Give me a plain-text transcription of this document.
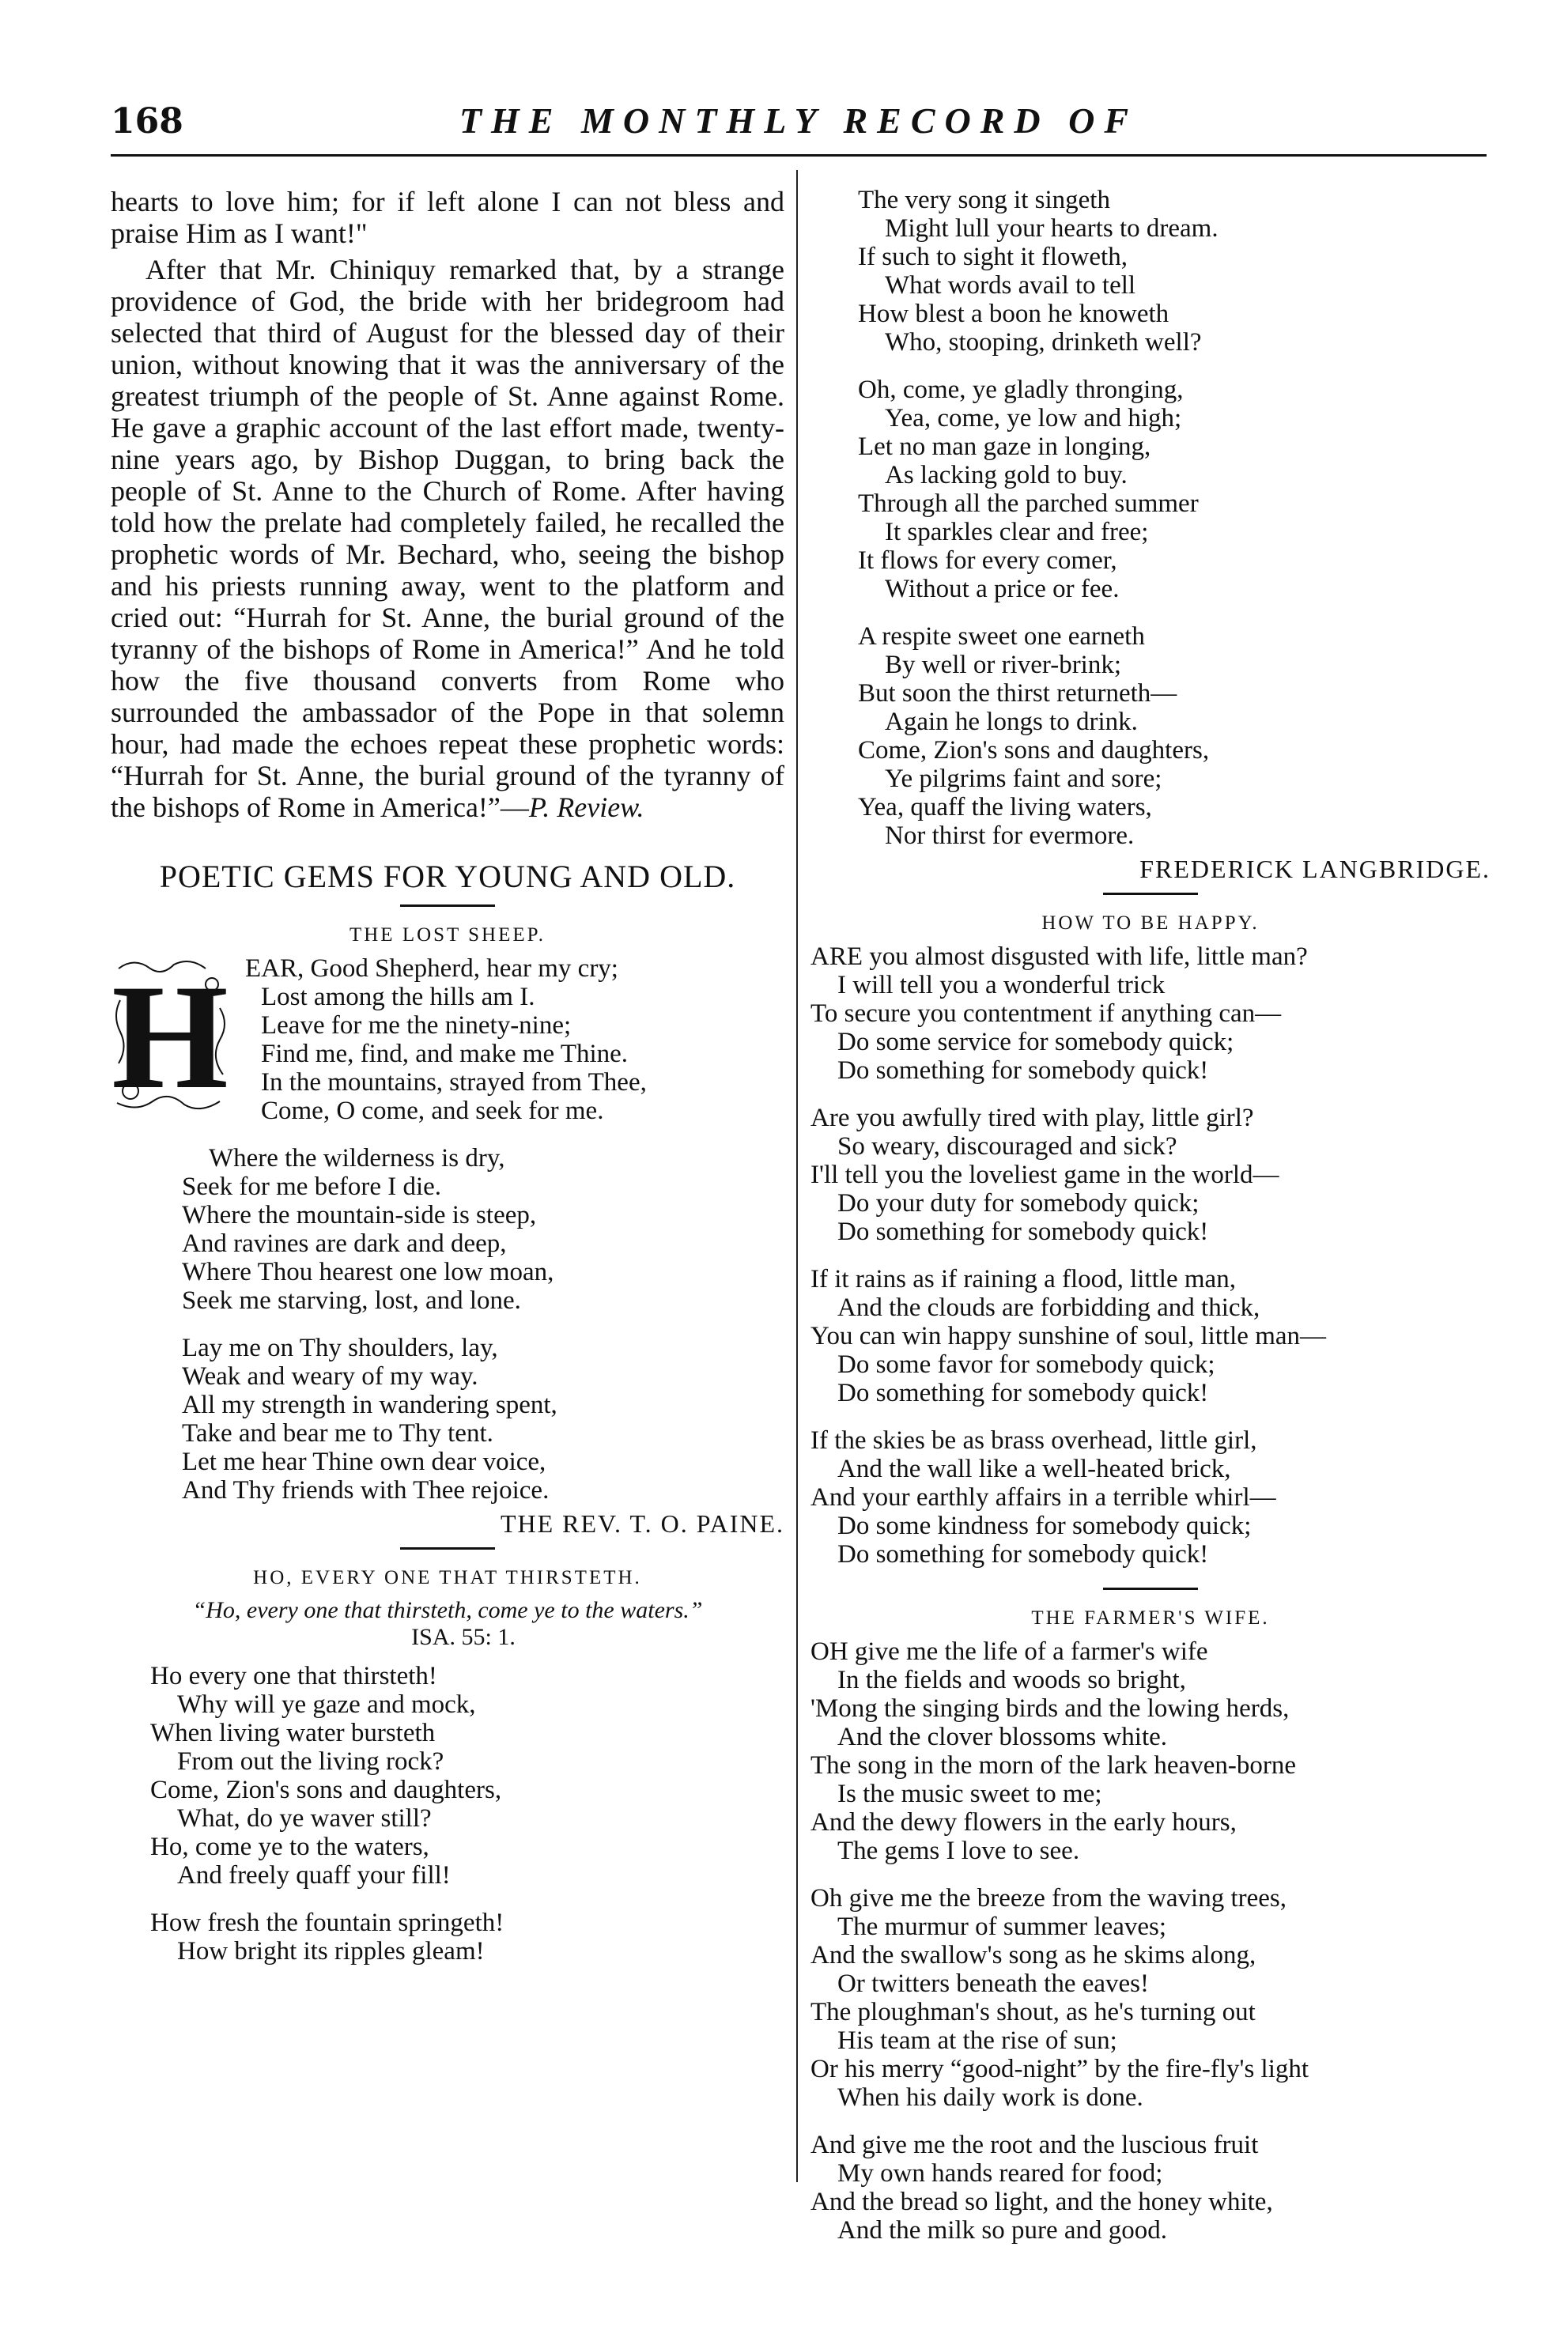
168	THE MONTHLY RECORD OF

hearts to love him; for if left alone I can not bless and praise Him as I want!"

After that Mr. Chiniquy remarked that, by a strange providence of God, the bride with her bridegroom had selected that third of August for the blessed day of their union, without knowing that it was the anniversary of the greatest triumph of the people of St. Anne against Rome. He gave a graphic account of the last effort made, twenty-nine years ago, by Bishop Duggan, to bring back the people of St. Anne to the Church of Rome. After having told how the prelate had completely failed, he recalled the prophetic words of Mr. Bechard, who, seeing the bishop and his priests running away, went to the platform and cried out: “Hurrah for St. Anne, the burial ground of the tyranny of the bishops of Rome in America!” And he told how the five thousand converts from Rome who surrounded the ambassador of the Pope in that solemn hour, had made the echoes repeat these prophetic words: “Hurrah for St. Anne, the burial ground of the tyranny of the bishops of Rome in America!”—P. Review.

POETIC GEMS FOR YOUNG AND OLD.
THE LOST SHEEP.
H EAR, Good Shepherd, hear my cry;
Lost among the hills am I.
Leave for me the ninety-nine;
Find me, find, and make me Thine.
In the mountains, strayed from Thee,
Come, O come, and seek for me.
Where the wilderness is dry,
Seek for me before I die.
Where the mountain-side is steep,
And ravines are dark and deep,
Where Thou hearest one low moan,
Seek me starving, lost, and lone.
Lay me on Thy shoulders, lay,
Weak and weary of my way.
All my strength in wandering spent,
Take and bear me to Thy tent.
Let me hear Thine own dear voice,
And Thy friends with Thee rejoice.
THE REV. T. O. PAINE.
HO, EVERY ONE THAT THIRSTETH.
“Ho, every one that thirsteth, come ye to the waters.”
ISA. 55: 1.
Ho every one that thirsteth!
Why will ye gaze and mock,
When living water bursteth
From out the living rock?
Come, Zion's sons and daughters,
What, do ye waver still?
Ho, come ye to the waters,
And freely quaff your fill!
How fresh the fountain springeth!
How bright its ripples gleam!
The very song it singeth
Might lull your hearts to dream.
If such to sight it floweth,
What words avail to tell
How blest a boon he knoweth
Who, stooping, drinketh well?
Oh, come, ye gladly thronging,
Yea, come, ye low and high;
Let no man gaze in longing,
As lacking gold to buy.
Through all the parched summer
It sparkles clear and free;
It flows for every comer,
Without a price or fee.
A respite sweet one earneth
By well or river-brink;
But soon the thirst returneth—
Again he longs to drink.
Come, Zion's sons and daughters,
Ye pilgrims faint and sore;
Yea, quaff the living waters,
Nor thirst for evermore.
FREDERICK LANGBRIDGE.
HOW TO BE HAPPY.
ARE you almost disgusted with life, little man?
I will tell you a wonderful trick
To secure you contentment if anything can—
Do some service for somebody quick;
Do something for somebody quick!
Are you awfully tired with play, little girl?
So weary, discouraged and sick?
I'll tell you the loveliest game in the world—
Do your duty for somebody quick;
Do something for somebody quick!
If it rains as if raining a flood, little man,
And the clouds are forbidding and thick,
You can win happy sunshine of soul, little man—
Do some favor for somebody quick;
Do something for somebody quick!
If the skies be as brass overhead, little girl,
And the wall like a well-heated brick,
And your earthly affairs in a terrible whirl—
Do some kindness for somebody quick;
Do something for somebody quick!
THE FARMER'S WIFE.
OH give me the life of a farmer's wife
In the fields and woods so bright,
'Mong the singing birds and the lowing herds,
And the clover blossoms white.
The song in the morn of the lark heaven-borne
Is the music sweet to me;
And the dewy flowers in the early hours,
The gems I love to see.
Oh give me the breeze from the waving trees,
The murmur of summer leaves;
And the swallow's song as he skims along,
Or twitters beneath the eaves!
The ploughman's shout, as he's turning out
His team at the rise of sun;
Or his merry “good-night” by the fire-fly's light
When his daily work is done.
And give me the root and the luscious fruit
My own hands reared for food;
And the bread so light, and the honey white,
And the milk so pure and good.
